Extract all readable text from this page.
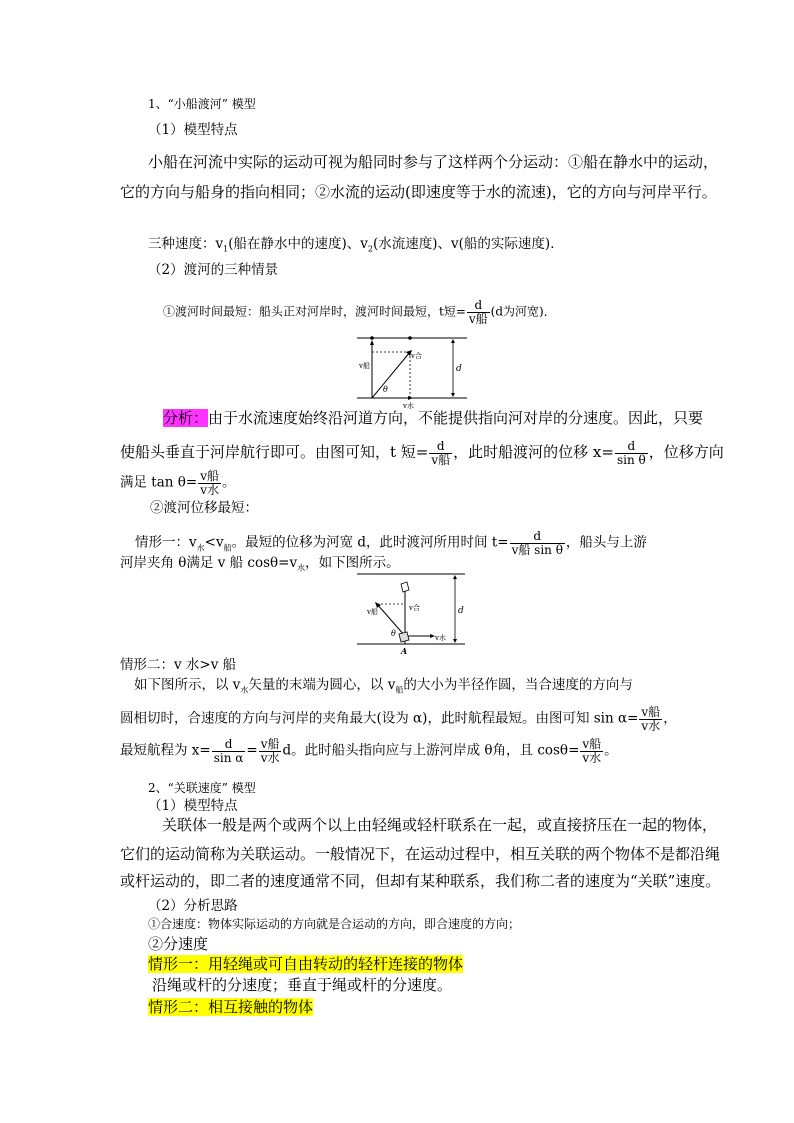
1、“小船渡河” 模型
（1）模型特点
小船在河流中实际的运动可视为船同时参与了这样两个分运动：①船在静水中的运动，
它的方向与船身的指向相同；②水流的运动(即速度等于水的流速)，它的方向与河岸平行。
三种速度：$v_1$(船在静水中的速度)、$v_2$(水流速度)、v(船的实际速度)．
（2）渡河的三种情景
①渡河时间最短：船头正对河岸时，渡河时间最短，t短= $\frac{d}{\text{v船}} (d$为河宽)．
v船
v合
v水
θ
d
分析：由于水流速度始终沿河道方向，不能提供指向河对岸的分速度。因此，只要
使船头垂直于河岸航行即可。由图可知，t 短= $\frac{d}{\text{v船}}$ ，此时船渡河的位移 $x= \frac{d}{\text{sin θ}}$ ，位移方向
满足 $\tan \theta= \frac{\text{v船}}{\text{v水}}$ 。
②渡河位移最短：
情形一：$v_水<v_船$。最短的位移为河宽 d，此时渡河所用时间 $t= \frac{d}{\text{v船 sin θ}}$ ，船头与上游
河岸夹角 θ满足 v 船 $\cos\theta=v_水$，如下图所示。
v船	v合
v水
θ
d
A
情形二：v 水>v 船
如下图所示，以 $v_水$矢量的末端为圆心，以 $v_船$的大小为半径作圆，当合速度的方向与
圆相切时，合速度的方向与河岸的夹角最大(设为 α)，此时航程最短。由图可知 $\sin \alpha= \frac{\text{v船}}{\text{v水}}$ ，
最短航程为 $x= \frac{d}{\text{sin α}} = \frac{\text{v船}}{\text{v水}}$ d。此时船头指向应与上游河岸成 θ角，且 $\cos\theta= \frac{\text{v船}}{\text{v水}}$ 。
2、“关联速度” 模型
（1）模型特点
关联体一般是两个或两个以上由轻绳或轻杆联系在一起，或直接挤压在一起的物体，
它们的运动简称为关联运动。一般情况下，在运动过程中，相互关联的两个物体不是都沿绳
或杆运动的，即二者的速度通常不同，但却有某种联系，我们称二者的速度为“关联”速度。
（2）分析思路
①合速度：物体实际运动的方向就是合运动的方向，即合速度的方向；
②分速度
情形一：用轻绳或可自由转动的轻杆连接的物体
沿绳或杆的分速度；垂直于绳或杆的分速度。
情形二：相互接触的物体
